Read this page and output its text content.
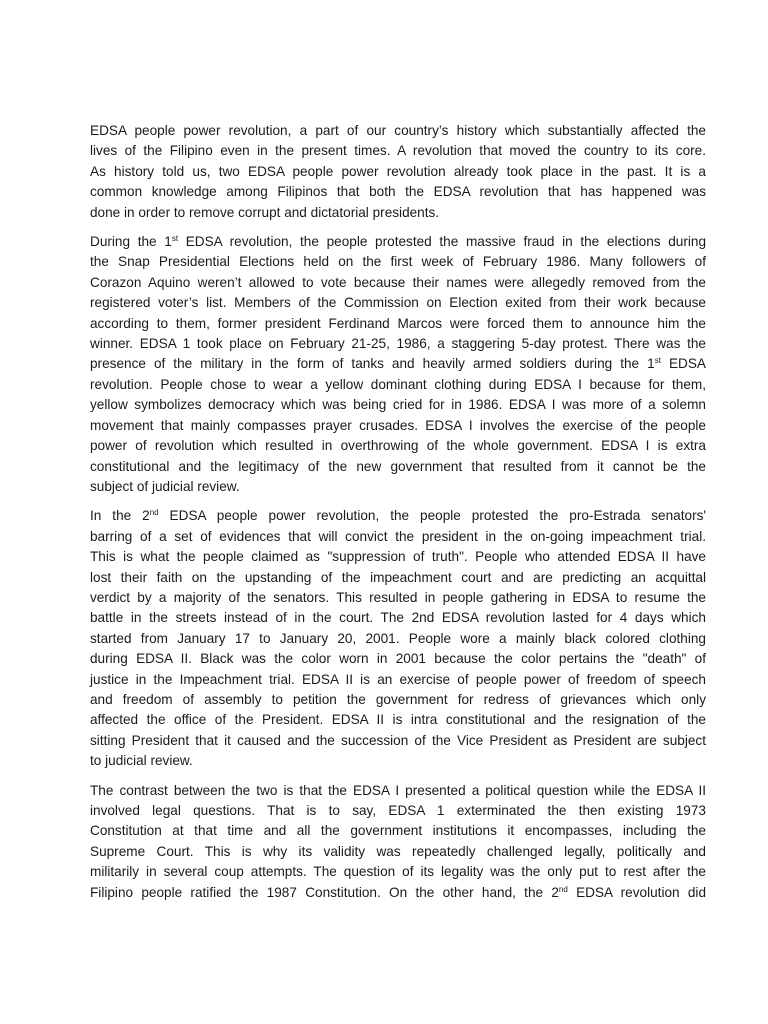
EDSA people power revolution, a part of our country’s history which substantially affected the
lives of the Filipino even in the present times. A revolution that moved the country to its core.
As history told us, two EDSA people power revolution already took place in the past. It is a
common knowledge among Filipinos that both the EDSA revolution that has happened was
done in order to remove corrupt and dictatorial presidents.

During the 1st EDSA revolution, the people protested the massive fraud in the elections during
the Snap Presidential Elections held on the first week of February 1986. Many followers of
Corazon Aquino weren’t allowed to vote because their names were allegedly removed from the
registered voter’s list. Members of the Commission on Election exited from their work because
according to them, former president Ferdinand Marcos were forced them to announce him the
winner. EDSA 1 took place on February 21-25, 1986, a staggering 5-day protest. There was the
presence of the military in the form of tanks and heavily armed soldiers during the 1st EDSA
revolution. People chose to wear a yellow dominant clothing during EDSA I because for them,
yellow symbolizes democracy which was being cried for in 1986. EDSA I was more of a solemn
movement that mainly compasses prayer crusades. EDSA I involves the exercise of the people
power of revolution which resulted in overthrowing of the whole government. EDSA I is extra
constitutional and the legitimacy of the new government that resulted from it cannot be the
subject of judicial review.

In the 2nd EDSA people power revolution, the people protested the pro-Estrada senators'
barring of a set of evidences that will convict the president in the on-going impeachment trial.
This is what the people claimed as "suppression of truth". People who attended EDSA II have
lost their faith on the upstanding of the impeachment court and are predicting an acquittal
verdict by a majority of the senators. This resulted in people gathering in EDSA to resume the
battle in the streets instead of in the court. The 2nd EDSA revolution lasted for 4 days which
started from January 17 to January 20, 2001. People wore a mainly black colored clothing
during EDSA II. Black was the color worn in 2001 because the color pertains the "death" of
justice in the Impeachment trial. EDSA II is an exercise of people power of freedom of speech
and freedom of assembly to petition the government for redress of grievances which only
affected the office of the President. EDSA II is intra constitutional and the resignation of the
sitting President that it caused and the succession of the Vice President as President are subject
to judicial review.

The contrast between the two is that the EDSA I presented a political question while the EDSA II
involved legal questions. That is to say, EDSA 1 exterminated the then existing 1973
Constitution at that time and all the government institutions it encompasses, including the
Supreme Court. This is why its validity was repeatedly challenged legally, politically and
militarily in several coup attempts. The question of its legality was the only put to rest after the
Filipino people ratified the 1987 Constitution. On the other hand, the 2nd EDSA revolution did
